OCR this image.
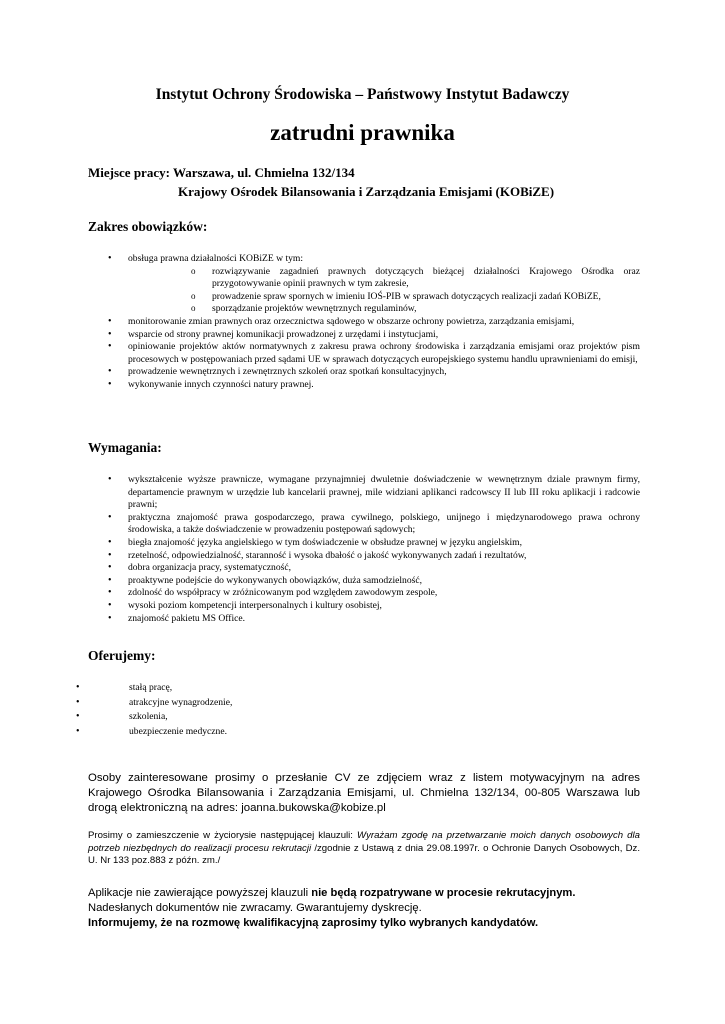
Instytut Ochrony Środowiska – Państwowy Instytut Badawczy
zatrudni prawnika
Miejsce pracy: Warszawa, ul. Chmielna 132/134
Krajowy Ośrodek Bilansowania i Zarządzania Emisjami (KOBiZE)
Zakres obowiązków:
• obsługa prawna działalności KOBiZE w tym:
o rozwiązywanie zagadnień prawnych dotyczących bieżącej działalności Krajowego Ośrodka oraz przygotowywanie opinii prawnych w tym zakresie,
o prowadzenie spraw spornych w imieniu IOŚ-PIB w sprawach dotyczących realizacji zadań KOBiZE,
o sporządzanie projektów wewnętrznych regulaminów,
• monitorowanie zmian prawnych oraz orzecznictwa sądowego w obszarze ochrony powietrza, zarządzania emisjami,
• wsparcie od strony prawnej komunikacji prowadzonej z urzędami i instytucjami,
• opiniowanie projektów aktów normatywnych z zakresu prawa ochrony środowiska i zarządzania emisjami oraz projektów pism procesowych w postępowaniach przed sądami UE w sprawach dotyczących europejskiego systemu handlu uprawnieniami do emisji,
• prowadzenie wewnętrznych i zewnętrznych szkoleń oraz spotkań konsultacyjnych,
• wykonywanie innych czynności natury prawnej.
Wymagania:
• wykształcenie wyższe prawnicze, wymagane przynajmniej dwuletnie doświadczenie w wewnętrznym dziale prawnym firmy, departamencie prawnym w urzędzie lub kancelarii prawnej, mile widziani aplikanci radcowscy II lub III roku aplikacji i radcowie prawni;
• praktyczna znajomość prawa gospodarczego, prawa cywilnego, polskiego, unijnego i międzynarodowego prawa ochrony środowiska, a także doświadczenie w prowadzeniu postępowań sądowych;
• biegła znajomość języka angielskiego w tym doświadczenie w obsłudze prawnej w języku angielskim,
• rzetelność, odpowiedzialność, staranność i wysoka dbałość o jakość wykonywanych zadań i rezultatów,
• dobra organizacja pracy, systematyczność,
• proaktywne podejście do wykonywanych obowiązków, duża samodzielność,
• zdolność do współpracy w zróżnicowanym pod względem zawodowym zespole,
• wysoki poziom kompetencji interpersonalnych i kultury osobistej,
• znajomość pakietu MS Office.
Oferujemy:
• stałą pracę,
• atrakcyjne wynagrodzenie,
• szkolenia,
• ubezpieczenie medyczne.

Osoby zainteresowane prosimy o przesłanie CV ze zdjęciem wraz z listem motywacyjnym na adres Krajowego Ośrodka Bilansowania i Zarządzania Emisjami, ul. Chmielna 132/134, 00-805 Warszawa lub drogą elektroniczną na adres: joanna.bukowska@kobize.pl

Prosimy o zamieszczenie w życiorysie następującej klauzuli: Wyrażam zgodę na przetwarzanie moich danych osobowych dla potrzeb niezbędnych do realizacji procesu rekrutacji /zgodnie z Ustawą z dnia 29.08.1997r. o Ochronie Danych Osobowych, Dz. U. Nr 133 poz.883 z późn. zm./

Aplikacje nie zawierające powyższej klauzuli nie będą rozpatrywane w procesie rekrutacyjnym.
Nadesłanych dokumentów nie zwracamy. Gwarantujemy dyskrecję.
Informujemy, że na rozmowę kwalifikacyjną zaprosimy tylko wybranych kandydatów.
